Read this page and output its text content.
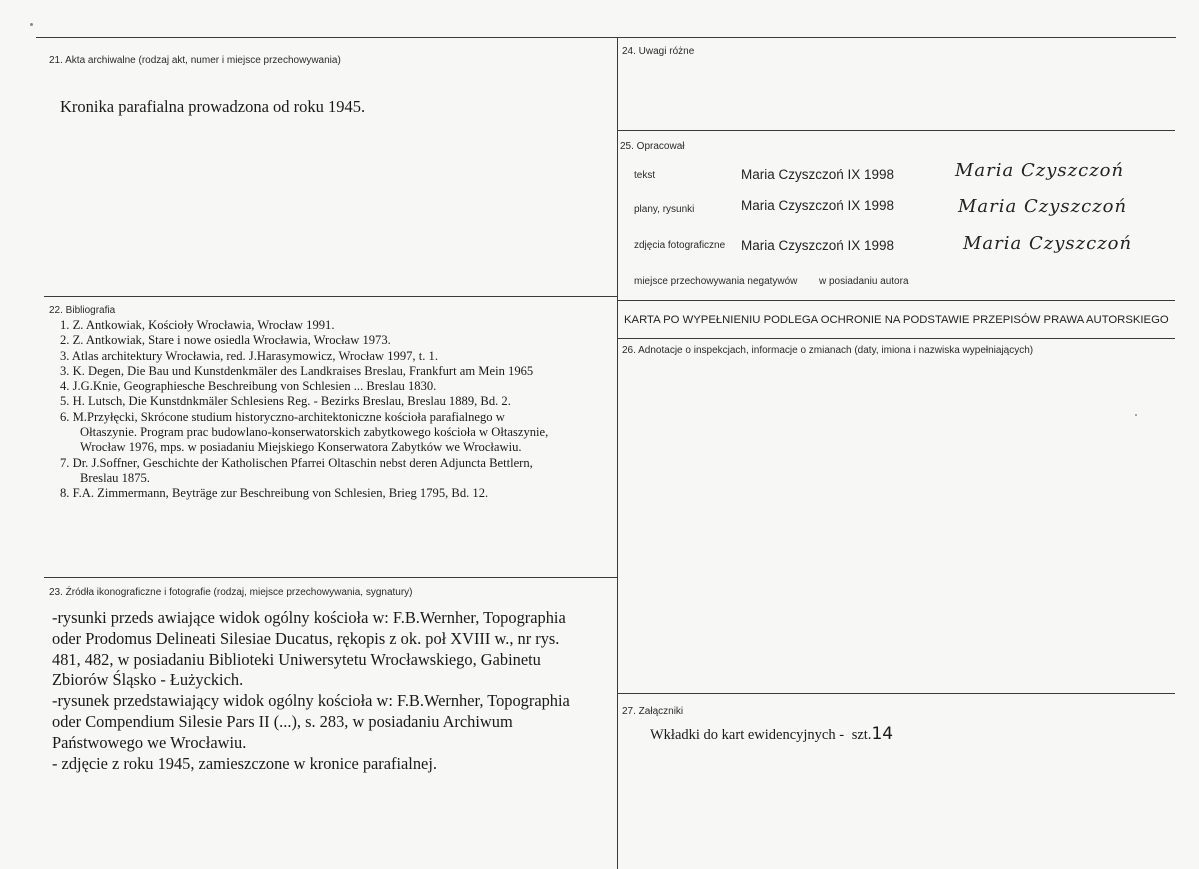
21. Akta archiwalne (rodzaj akt, numer i miejsce przechowywania)
Kronika parafialna prowadzona od roku 1945.
22. Bibliografia
1. Z. Antkowiak, Kościoły Wrocławia, Wrocław 1991.
2. Z. Antkowiak, Stare i nowe osiedla Wrocławia, Wrocław 1973.
3. Atlas architektury Wrocławia, red. J.Harasymowicz, Wrocław 1997, t. 1.
3. K. Degen, Die Bau und Kunstdenkmäler des Landkraises Breslau, Frankfurt am Mein 1965
4. J.G.Knie, Geographiesche Beschreibung von Schlesien ... Breslau 1830.
5. H. Lutsch, Die Kunstdnkmäler Schlesiens Reg. - Bezirks Breslau, Breslau 1889, Bd. 2.
6. M.Przyłęcki, Skrócone studium historyczno-architektoniczne kościoła parafialnego w
Ołtaszynie. Program prac budowlano-konserwatorskich zabytkowego kościoła w Ołtaszynie,
Wrocław 1976, mps. w posiadaniu Miejskiego Konserwatora Zabytków we Wrocławiu.
7. Dr. J.Soffner, Geschichte der Katholischen Pfarrei Oltaschin nebst deren Adjuncta Bettlern,
Breslau 1875.
8. F.A. Zimmermann, Beyträge zur Beschreibung von Schlesien, Brieg 1795, Bd. 12.
23. Źródła ikonograficzne i fotografie (rodzaj, miejsce przechowywania, sygnatury)
-rysunki przeds awiające widok ogólny kościoła w: F.B.Wernher, Topographia
oder Prodomus Delineati Silesiae Ducatus, rękopis z ok. poł XVIII w., nr rys.
481, 482, w posiadaniu Biblioteki Uniwersytetu Wrocławskiego, Gabinetu
Zbiorów Śląsko - Łużyckich.
-rysunek przedstawiający widok ogólny kościoła w: F.B.Wernher, Topographia
oder Compendium Silesie Pars II (...), s. 283, w posiadaniu Archiwum
Państwowego we Wrocławiu.
- zdjęcie z roku 1945, zamieszczone w kronice parafialnej.
24. Uwagi różne
25. Opracował
tekst	Maria Czyszczoń IX 1998	Maria Czyszczoń
plany, rysunki	Maria Czyszczoń IX 1998	Maria Czyszczoń
zdjęcia fotograficzne Maria Czyszczoń IX 1998	Maria Czyszczoń
miejsce przechowywania negatywów w posiadaniu autora
KARTA PO WYPEŁNIENIU PODLEGA OCHRONIE NA PODSTAWIE PRZEPISÓW PRAWA AUTORSKIEGO
26. Adnotacje o inspekcjach, informacje o zmianach (daty, imiona i nazwiska wypełniających)
27. Załączniki
Wkładki do kart ewidencyjnych - szt.14
